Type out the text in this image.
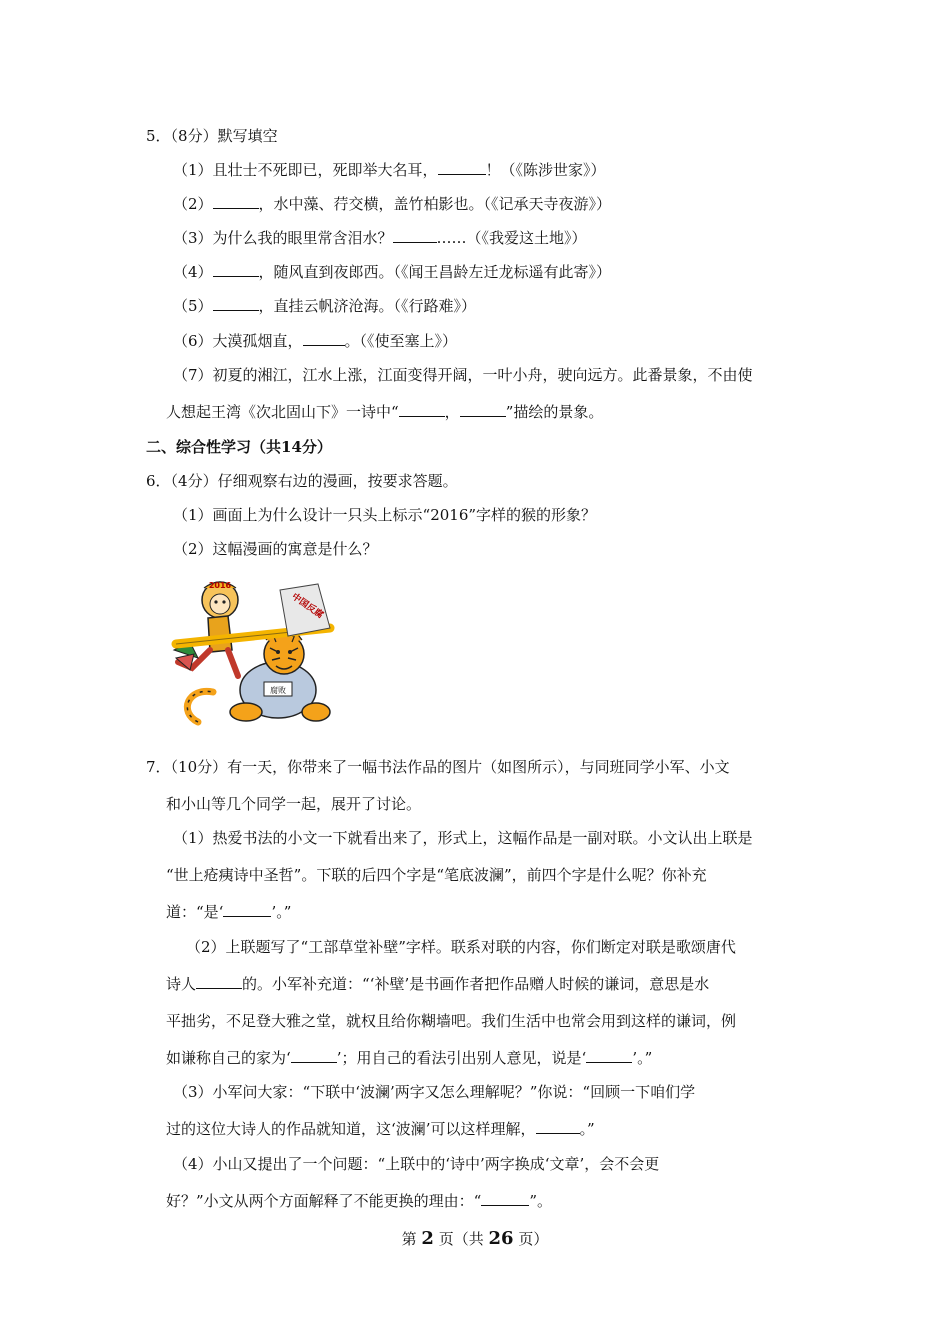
5．（8分）默写填空
（1）且壮士不死即已，死即举大名耳，	！（《陈涉世家》）
（2）	，水中藻、荇交横，盖竹柏影也。（《记承天寺夜游》）
（3）为什么我的眼里常含泪水？	……（《我爱这土地》）
（4）	，随风直到夜郎西。（《闻王昌龄左迁龙标遥有此寄》）
（5）	，直挂云帆济沧海。（《行路难》）
（6）大漠孤烟直，	。（《使至塞上》）
（7）初夏的湘江，江水上涨，江面变得开阔，一叶小舟，驶向远方。此番景象，不由使
人想起王湾《次北固山下》一诗中“	，	”描绘的景象。
二、综合性学习（共14分）
6．（4分）仔细观察右边的漫画，按要求答题。
（1）画面上为什么设计一只头上标示“2016”字样的猴的形象？
（2）这幅漫画的寓意是什么？
腐败
2016
中国反腐
7．（10分）有一天，你带来了一幅书法作品的图片（如图所示），与同班同学小军、小文
和小山等几个同学一起，展开了讨论。
（1）热爱书法的小文一下就看出来了，形式上，这幅作品是一副对联。小文认出上联是
“世上疮痍诗中圣哲”。下联的后四个字是“笔底波澜”，前四个字是什么呢？你补充
道：“是‘	’。”
（2）上联题写了“工部草堂补壁”字样。联系对联的内容，你们断定对联是歌颂唐代
诗人	的。小军补充道：“‘补壁’是书画作者把作品赠人时候的谦词，意思是水
平拙劣，不足登大雅之堂，就权且给你糊墙吧。我们生活中也常会用到这样的谦词，例
如谦称自己的家为‘	’；用自己的看法引出别人意见，说是‘	’。”
（3）小军问大家：“下联中‘波澜’两字又怎么理解呢？”你说：“回顾一下咱们学
过的这位大诗人的作品就知道，这‘波澜’可以这样理解，	。”
（4）小山又提出了一个问题：“上联中的‘诗中’两字换成‘文章’，会不会更
好？”小文从两个方面解释了不能更换的理由：“	”。
第 2 页（共 26 页）
